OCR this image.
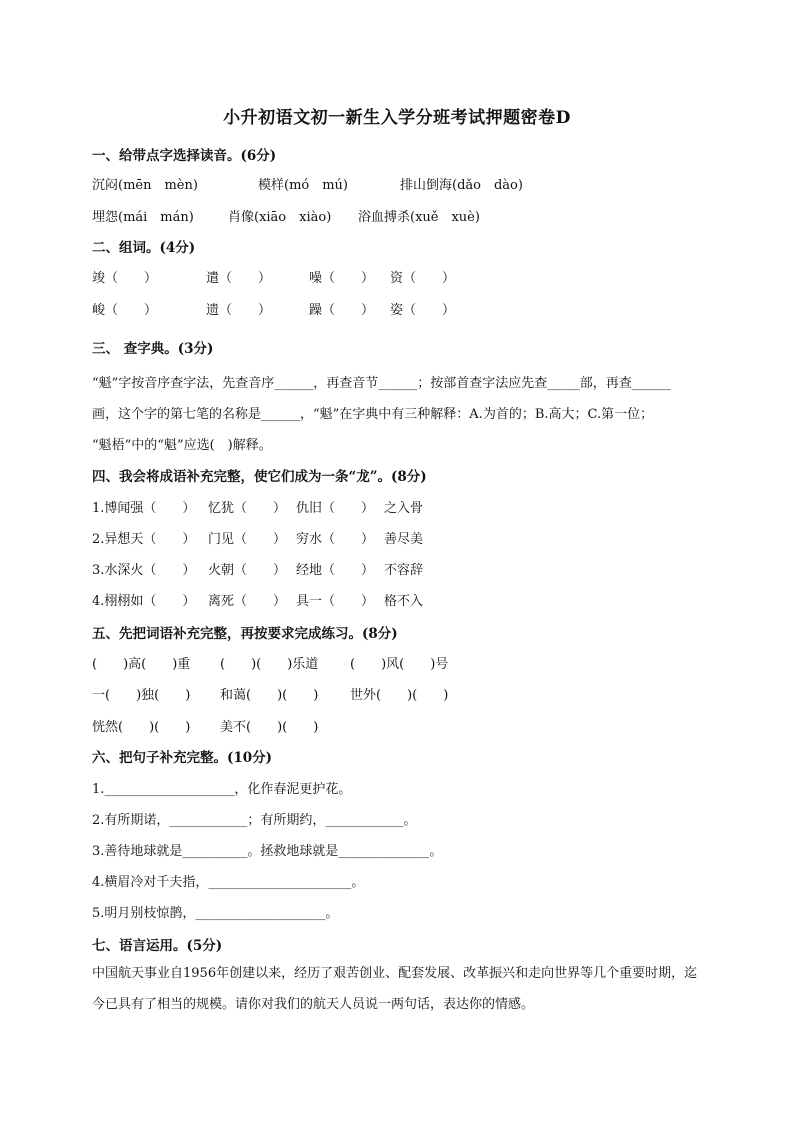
小升初语文初一新生入学分班考试押题密卷D
一、给带点字选择读音。(6分)
沉闷(mēn　mèn)	模样(mó　mú)	排山倒海(dǎo　dào)
埋怨(mái　mán)	肖像(xiāo　xiào) 浴血搏杀(xuě　xuè)
二、组词。(4分)
竣（　　）	遣（　　）	噪（　　） 资（　　）
峻（　　）	遗（　　）	躁（　　） 姿（　　）
三、 查字典。(3分)
“魁”字按音序查字法，先查音序______，再查音节______；按部首查字法应先查_____部，再查______
画，这个字的第七笔的名称是______，“魁”在字典中有三种解释：A.为首的；B.高大；C.第一位；
“魁梧”中的“魁”应选(　)解释。
四、我会将成语补充完整，使它们成为一条“龙”。(8分)
1.博闻强（　　） 忆犹（　　） 仇旧（　　） 之入骨
2.异想天（　　） 门见（　　） 穷水（　　） 善尽美
3.水深火（　　） 火朝（　　） 经地（　　） 不容辞
4.栩栩如（　　） 离死（　　） 具一（　　） 格不入
五、先把词语补充完整，再按要求完成练习。(8分)
(　　)高(　　)重 (　　)(　　)乐道 (　　)风(　　)号
一(　　)独(　　) 和蔼(　　)(　　) 世外(　　)(　　)
恍然(　　)(　　) 美不(　　)(　　)
六、把句子补充完整。(10分)
1.____________________，化作春泥更护花。
2.有所期诺，____________；有所期约，____________。
3.善待地球就是__________。拯救地球就是______________。
4.横眉冷对千夫指，______________________。
5.明月别枝惊鹊，____________________。
七、语言运用。(5分)
中国航天事业自1956年创建以来，经历了艰苦创业、配套发展、改革振兴和走向世界等几个重要时期，迄今已具有了相当的规模。请你对我们的航天人员说一两句话，表达你的情感。
